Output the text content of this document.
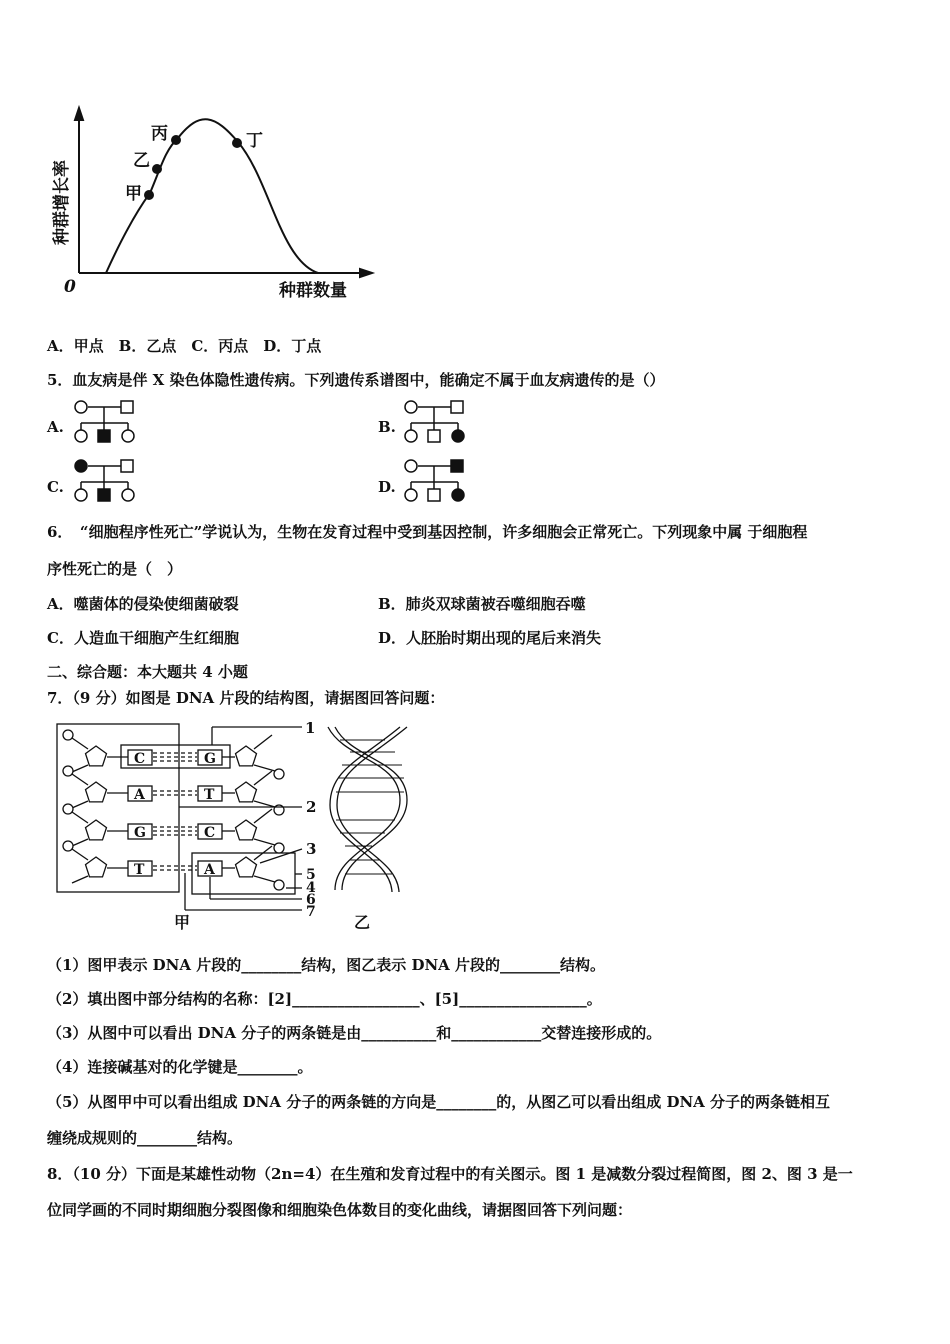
甲
乙
丙	丁
0	种群数量
种群增长率
1
2
3
4
5
6
7
甲	乙
C	G
A	T
G	C
T	A
A．甲点　B．乙点　C．丙点　D．丁点
5．血友病是伴 X 染色体隐性遗传病。下列遗传系谱图中，能确定不属于血友病遗传的是（）
A.	B.
C.	D.
6．　“细胞程序性死亡”学说认为，生物在发育过程中受到基因控制，许多细胞会正常死亡。下列现象中属 于细胞程
序性死亡的是（　）
A．噬菌体的侵染使细菌破裂	B．肺炎双球菌被吞噬细胞吞噬
C．人造血干细胞产生红细胞	D．人胚胎时期出现的尾后来消失
二、综合题：本大题共 4 小题
7．（9 分）如图是 DNA 片段的结构图，请据图回答问题：
（1）图甲表示 DNA 片段的________结构，图乙表示 DNA 片段的________结构。
（2）填出图中部分结构的名称：[2]_________________、[5]_________________。
（3）从图中可以看出 DNA 分子的两条链是由__________和____________交替连接形成的。
（4）连接碱基对的化学键是________。
（5）从图甲中可以看出组成 DNA 分子的两条链的方向是________的，从图乙可以看出组成 DNA 分子的两条链相互
缠绕成规则的________结构。
8．（10 分）下面是某雄性动物（2n=4）在生殖和发育过程中的有关图示。图 1 是减数分裂过程简图，图 2、图 3 是一
位同学画的不同时期细胞分裂图像和细胞染色体数目的变化曲线，请据图回答下列问题：
